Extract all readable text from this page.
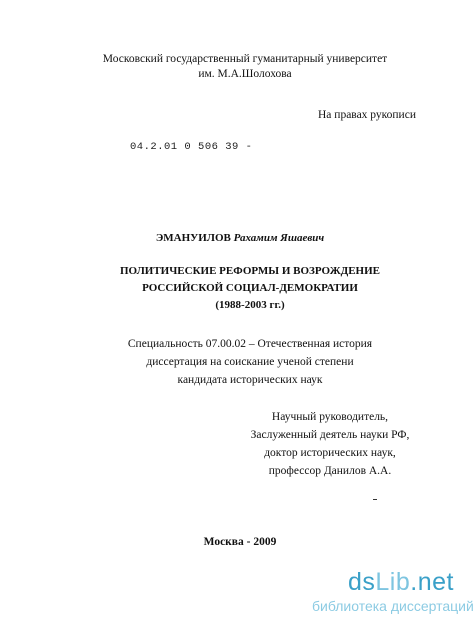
Московский государственный гуманитарный университет
им. М.А.Шолохова
На правах рукописи
04.2.01 0 506 39 -
ЭМАНУИЛОВ Рахамим Яшаевич
ПОЛИТИЧЕСКИЕ РЕФОРМЫ И ВОЗРОЖДЕНИЕ
РОССИЙСКОЙ СОЦИАЛ-ДЕМОКРАТИИ
(1988-2003 гг.)
Специальность 07.00.02 – Отечественная история
диссертация на соискание ученой степени
кандидата исторических наук
Научный руководитель,
Заслуженный деятель науки РФ,
доктор исторических наук,
профессор Данилов А.А.
Москва - 2009
dsLib.net
библиотека диссертаций
